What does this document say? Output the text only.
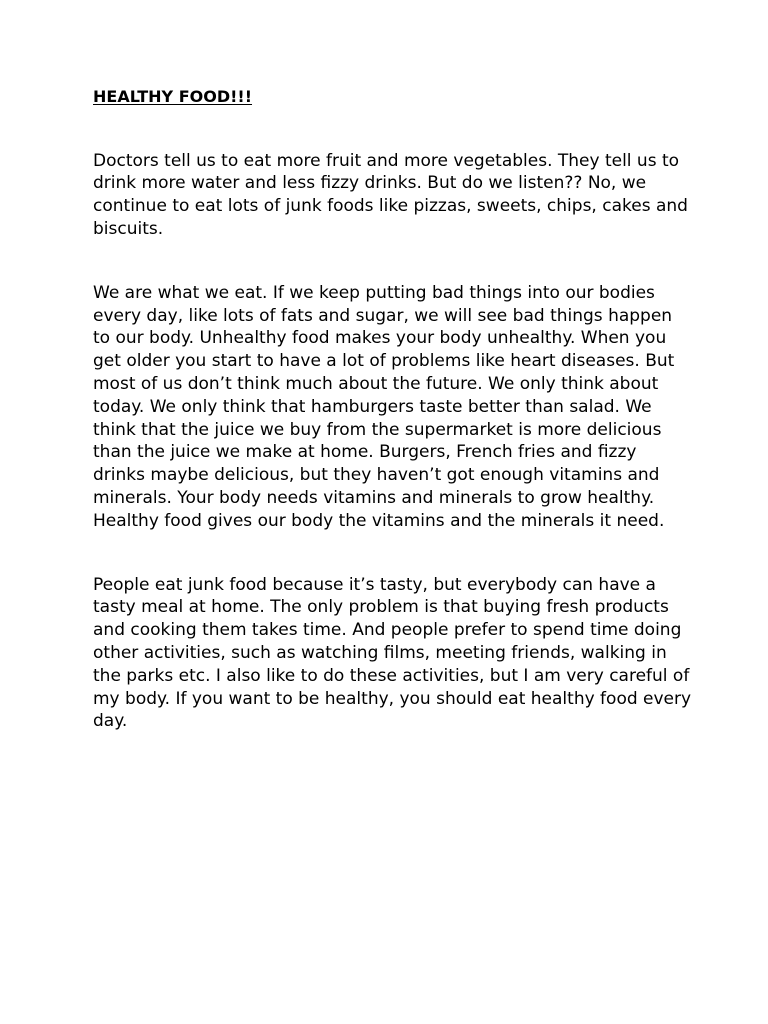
HEALTHY FOOD!!!

Doctors tell us to eat more fruit and more vegetables. They tell us to drink more water and less fizzy drinks. But do we listen?? No, we continue to eat lots of junk foods like pizzas, sweets, chips, cakes and biscuits.

We are what we eat. If we keep putting bad things into our bodies every day, like lots of fats and sugar, we will see bad things happen to our body. Unhealthy food makes your body unhealthy. When you get older you start to have a lot of problems like heart diseases. But most of us don’t think much about the future. We only think about today. We only think that hamburgers taste better than salad. We think that the juice we buy from the supermarket is more delicious than the juice we make at home. Burgers, French fries and fizzy drinks maybe delicious, but they haven’t got enough vitamins and minerals. Your body needs vitamins and minerals to grow healthy. Healthy food gives our body the vitamins and the minerals it need.

People eat junk food because it’s tasty, but everybody can have a tasty meal at home. The only problem is that buying fresh products and cooking them takes time. And people prefer to spend time doing other activities, such as watching films, meeting friends, walking in the parks etc. I also like to do these activities, but I am very careful of my body. If you want to be healthy, you should eat healthy food every day.
